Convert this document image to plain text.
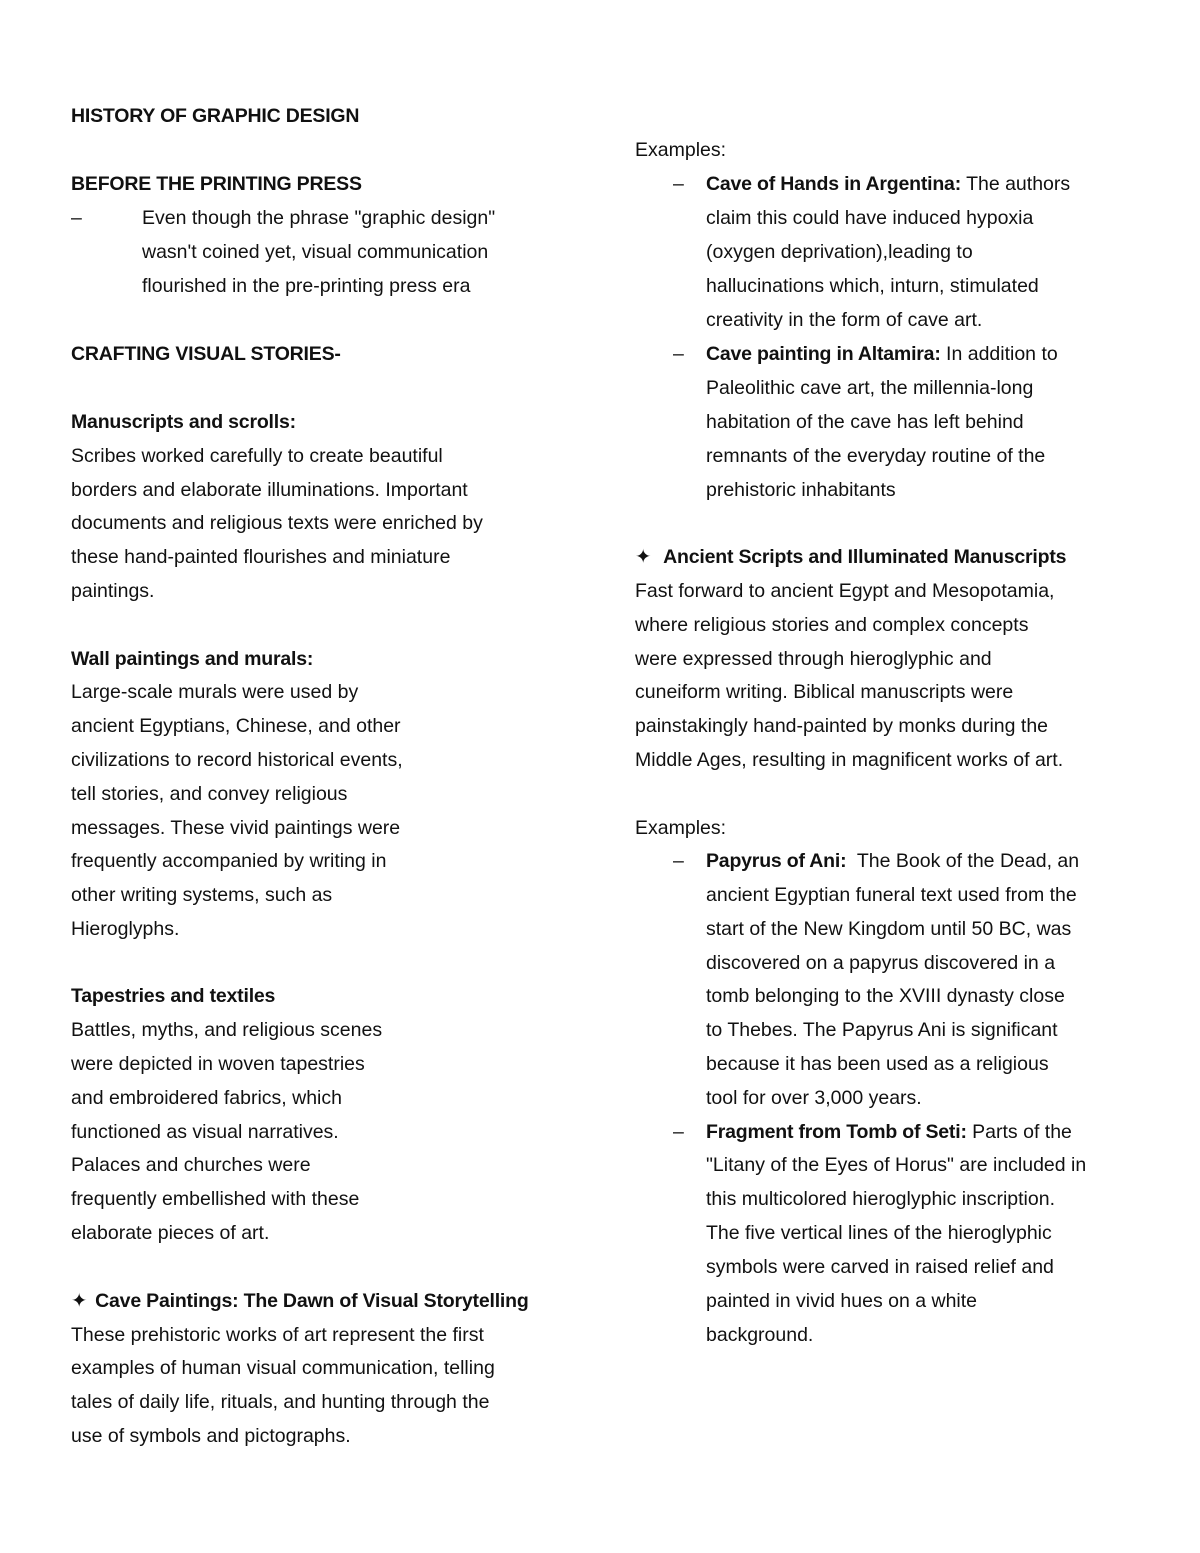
HISTORY OF GRAPHIC DESIGN
BEFORE THE PRINTING PRESS
–	Even though the phrase "graphic design"
wasn't coined yet, visual communication
flourished in the pre-printing press era
CRAFTING VISUAL STORIES-
Manuscripts and scrolls:
Scribes worked carefully to create beautiful
borders and elaborate illuminations. Important
documents and religious texts were enriched by
these hand-painted flourishes and miniature
paintings.
Wall paintings and murals:
Large-scale murals were used by
ancient Egyptians, Chinese, and other
civilizations to record historical events,
tell stories, and convey religious
messages. These vivid paintings were
frequently accompanied by writing in
other writing systems, such as
Hieroglyphs.
Tapestries and textiles
Battles, myths, and religious scenes
were depicted in woven tapestries
and embroidered fabrics, which
functioned as visual narratives.
Palaces and churches were
frequently embellished with these
elaborate pieces of art.
✦ Cave Paintings: The Dawn of Visual Storytelling
These prehistoric works of art represent the first
examples of human visual communication, telling
tales of daily life, rituals, and hunting through the
use of symbols and pictographs.
Examples:
– Cave of Hands in Argentina: The authors
claim this could have induced hypoxia
(oxygen deprivation),leading to
hallucinations which, inturn, stimulated
creativity in the form of cave art.
– Cave painting in Altamira: In addition to
Paleolithic cave art, the millennia-long
habitation of the cave has left behind
remnants of the everyday routine of the
prehistoric inhabitants
✦ Ancient Scripts and Illuminated Manuscripts
Fast forward to ancient Egypt and Mesopotamia,
where religious stories and complex concepts
were expressed through hieroglyphic and
cuneiform writing. Biblical manuscripts were
painstakingly hand-painted by monks during the
Middle Ages, resulting in magnificent works of art.
Examples:
– Papyrus of Ani:  The Book of the Dead, an
ancient Egyptian funeral text used from the
start of the New Kingdom until 50 BC, was
discovered on a papyrus discovered in a
tomb belonging to the XVIII dynasty close
to Thebes. The Papyrus Ani is significant
because it has been used as a religious
tool for over 3,000 years.
– Fragment from Tomb of Seti: Parts of the
"Litany of the Eyes of Horus" are included in
this multicolored hieroglyphic inscription.
The five vertical lines of the hieroglyphic
symbols were carved in raised relief and
painted in vivid hues on a white
background.
